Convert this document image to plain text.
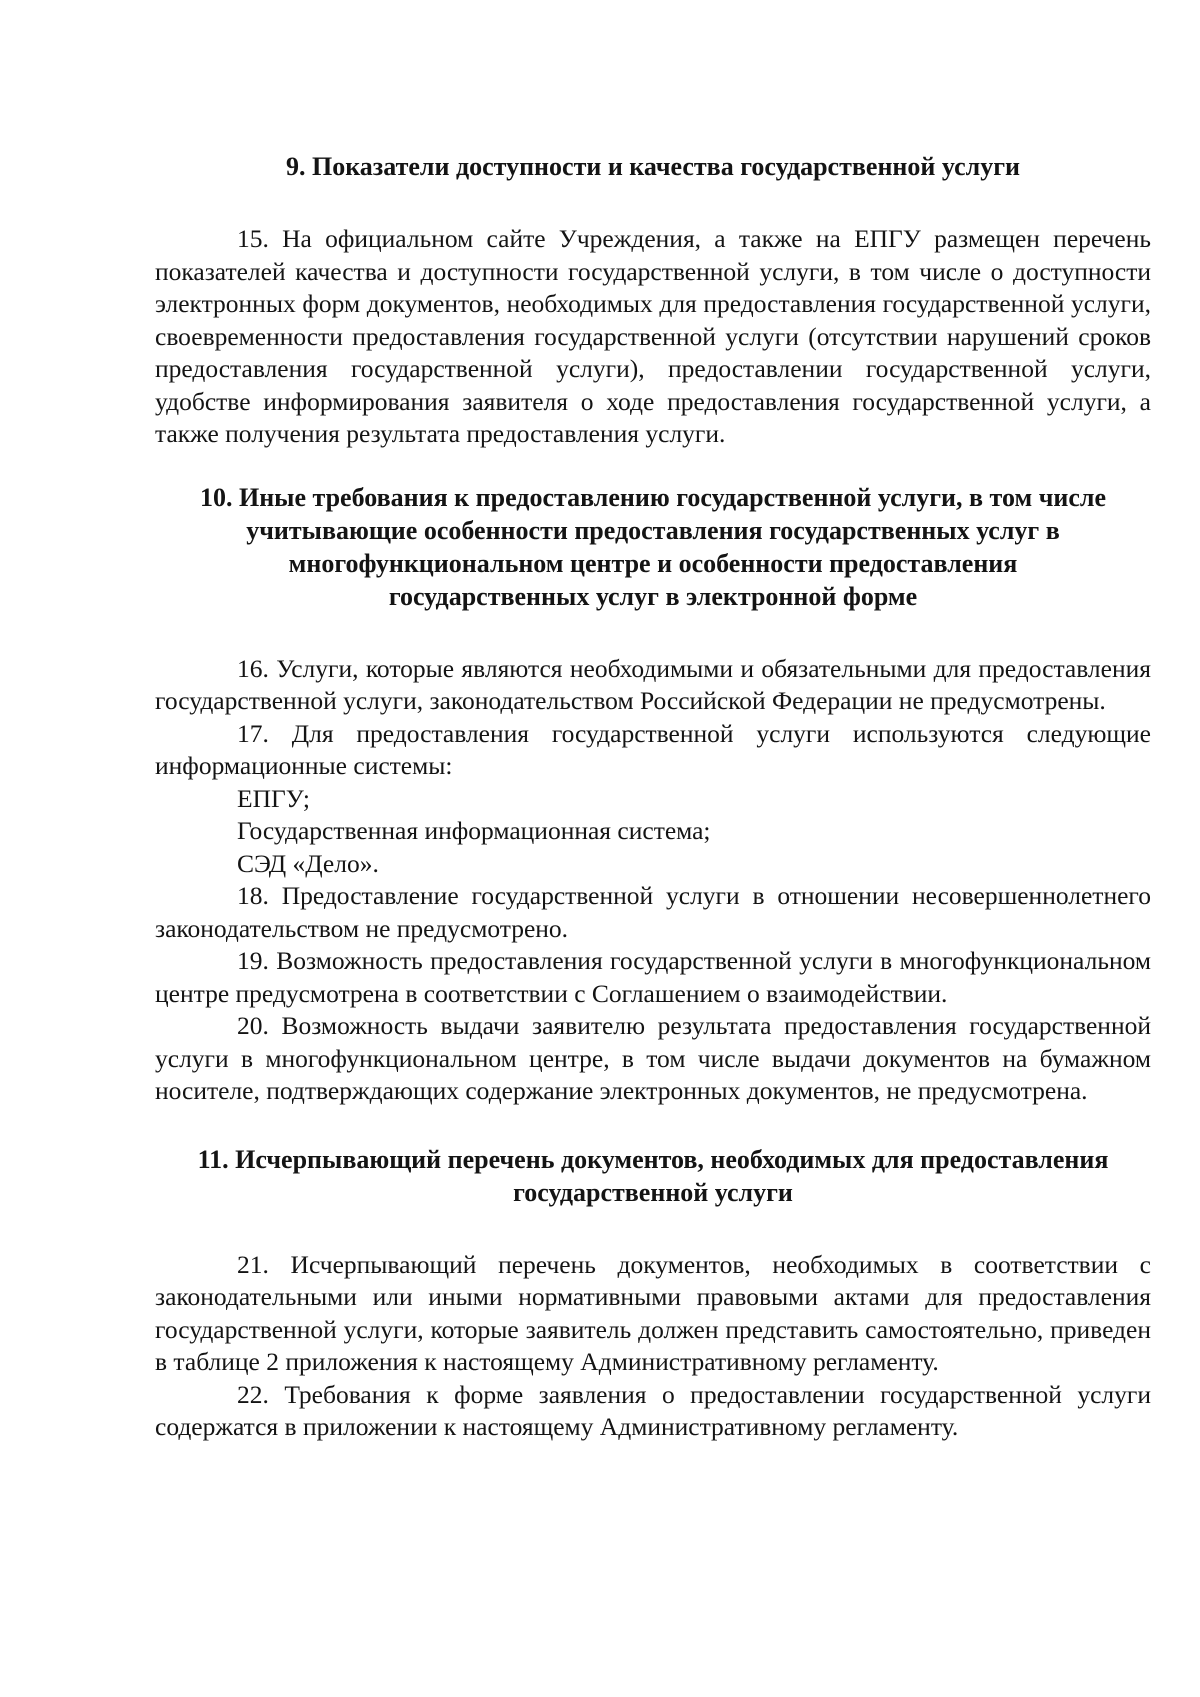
9. Показатели доступности и качества государственной услуги

15. На официальном сайте Учреждения, а также на ЕПГУ размещен перечень показателей качества и доступности государственной услуги, в том числе о доступности электронных форм документов, необходимых для предоставления государственной услуги, своевременности предоставления государственной услуги (отсутствии нарушений сроков предоставления государственной услуги), предоставлении государственной услуги, удобстве информирования заявителя о ходе предоставления государственной услуги, а также получения результата предоставления услуги.

10. Иные требования к предоставлению государственной услуги, в том числе
учитывающие особенности предоставления государственных услуг в
многофункциональном центре и особенности предоставления
государственных услуг в электронной форме

16. Услуги, которые являются необходимыми и обязательными для предоставления государственной услуги, законодательством Российской Федерации не предусмотрены.

17. Для предоставления государственной услуги используются следующие информационные системы:

ЕПГУ;

Государственная информационная система;

СЭД «Дело».

18. Предоставление государственной услуги в отношении несовершеннолетнего законодательством не предусмотрено.

19. Возможность предоставления государственной услуги в многофункциональном центре предусмотрена в соответствии с Соглашением о взаимодействии.

20. Возможность выдачи заявителю результата предоставления государственной услуги в многофункциональном центре, в том числе выдачи документов на бумажном носителе, подтверждающих содержание электронных документов, не предусмотрена.

11. Исчерпывающий перечень документов, необходимых для предоставления
государственной услуги

21. Исчерпывающий перечень документов, необходимых в соответствии с законодательными или иными нормативными правовыми актами для предоставления государственной услуги, которые заявитель должен представить самостоятельно, приведен в таблице 2 приложения к настоящему Административному регламенту.

22. Требования к форме заявления о предоставлении государственной услуги содержатся в приложении к настоящему Административному регламенту.
